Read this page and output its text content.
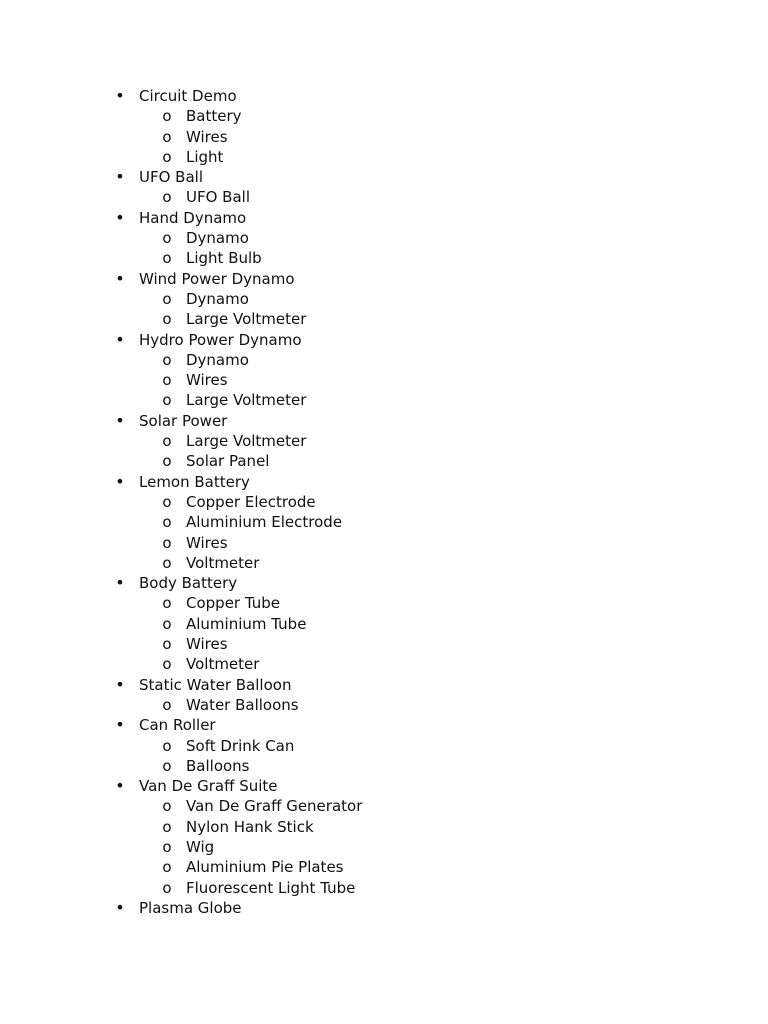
• Circuit Demo
o Battery
o Wires
o Light
• UFO Ball
o UFO Ball
• Hand Dynamo
o Dynamo
o Light Bulb
• Wind Power Dynamo
o Dynamo
o Large Voltmeter
• Hydro Power Dynamo
o Dynamo
o Wires
o Large Voltmeter
• Solar Power
o Large Voltmeter
o Solar Panel
• Lemon Battery
o Copper Electrode
o Aluminium Electrode
o Wires
o Voltmeter
• Body Battery
o Copper Tube
o Aluminium Tube
o Wires
o Voltmeter
• Static Water Balloon
o Water Balloons
• Can Roller
o Soft Drink Can
o Balloons
• Van De Graff Suite
o Van De Graff Generator
o Nylon Hank Stick
o Wig
o Aluminium Pie Plates
o Fluorescent Light Tube
• Plasma Globe
